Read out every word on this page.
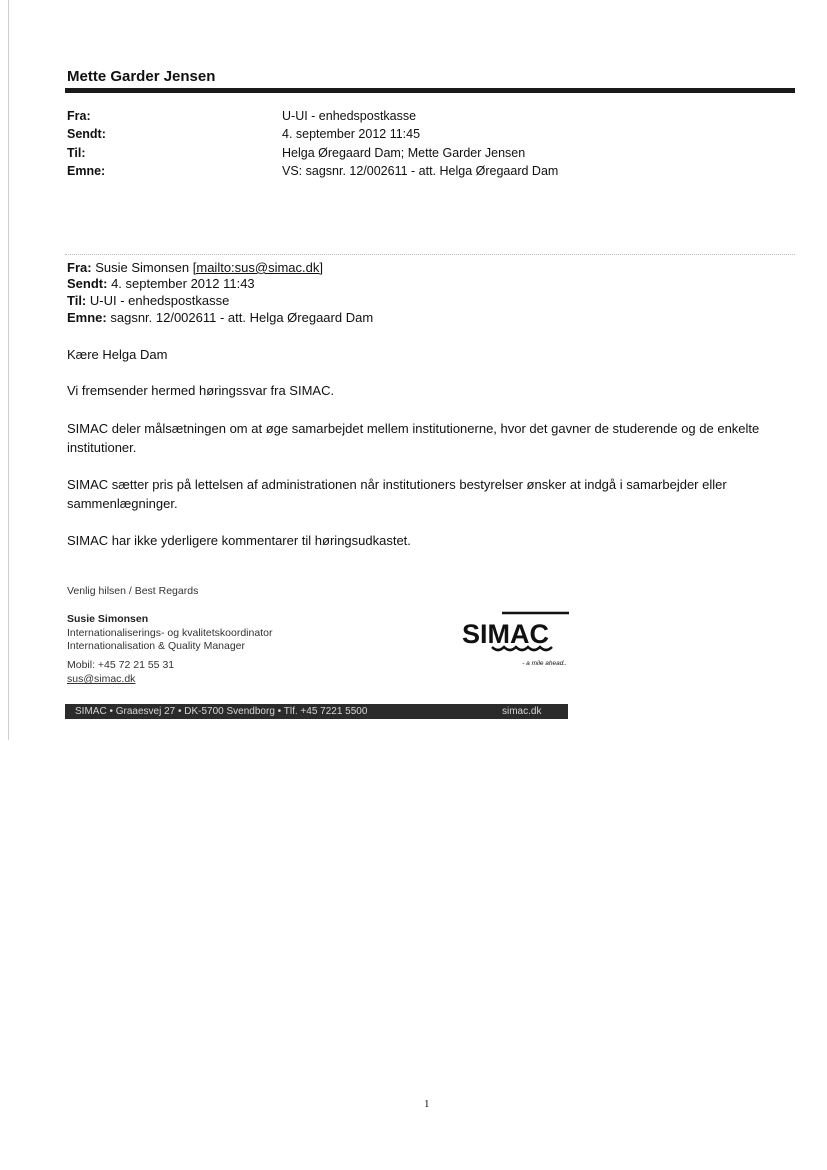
Mette Garder Jensen
Fra:	U-UI - enhedspostkasse
Sendt:	4. september 2012 11:45
Til:	Helga Øregaard Dam; Mette Garder Jensen
Emne:	VS: sagsnr. 12/002611 - att. Helga Øregaard Dam
Fra: Susie Simonsen [mailto:sus@simac.dk]
Sendt: 4. september 2012 11:43
Til: U-UI - enhedspostkasse
Emne: sagsnr. 12/002611 - att. Helga Øregaard Dam
Kære Helga Dam
Vi fremsender hermed høringssvar fra SIMAC.
SIMAC deler målsætningen om at øge samarbejdet mellem institutionerne, hvor det gavner de studerende og de enkelte institutioner.
SIMAC sætter pris på lettelsen af administrationen når institutioners bestyrelser ønsker at indgå i samarbejder eller sammenlægninger.
SIMAC har ikke yderligere kommentarer til høringsudkastet.
Venlig hilsen / Best Regards
Susie Simonsen
Internationaliserings- og kvalitetskoordinator
Internationalisation & Quality Manager
Mobil: +45 72 21 55 31
sus@simac.dk
SIMAC
- a mile ahead..
SIMAC • Graaesvej 27 • DK-5700 Svendborg • Tlf. +45 7221 5500	simac.dk
1
